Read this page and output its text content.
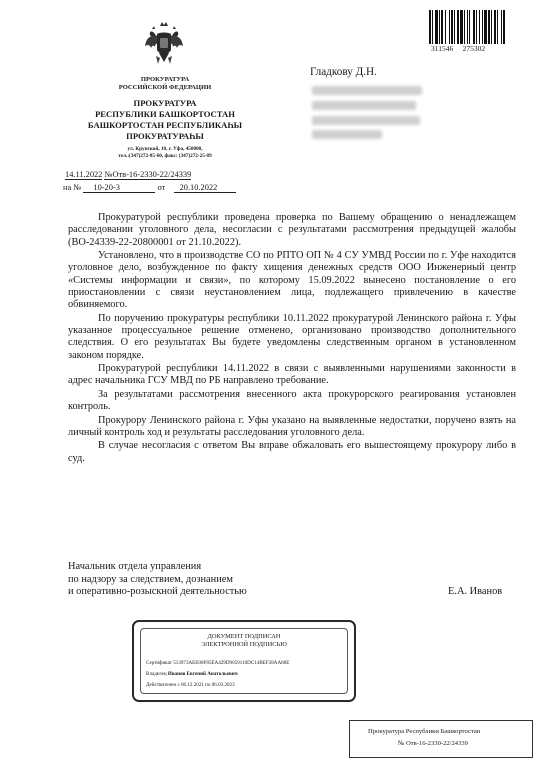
311546 275302
ПРОКУРАТУРА
РОССИЙСКОЙ ФЕДЕРАЦИИ
ПРОКУРАТУРА
РЕСПУБЛИКИ БАШКОРТОСТАН
БАШКОРТОСТАН РЕСПУБЛИКАҺЫ
ПРОКУРАТУРАҺЫ
ул. Крупской, 10, г. Уфа, 450008,
тел.:(347)272-85-60, факс: (347)272-25-89
14.11.2022 №Отв-16-2330-22/24339
на № 10-20-3	от 20.10.2022
Гладкову Д.Н.

Прокуратурой республики проведена проверка по Вашему обращению о ненадлежащем расследовании уголовного дела, несогласии с результатами рассмотрения предыдущей жалобы (ВО-24339-22-20800001 от 21.10.2022).

Установлено, что в производстве СО по РПТО ОП № 4 СУ УМВД России по г. Уфе находится уголовное дело, возбужденное по факту хищения денежных средств ООО Инженерный центр «Системы информации и связи», по которому 15.09.2022 вынесено постановление о его приостановлении с связи неустановлением лица, подлежащего привлечению в качестве обвиняемого.

По поручению прокуратуры республики 10.11.2022 прокуратурой Ленинского района г. Уфы указанное процессуальное решение отменено, организовано производство дополнительного следствия. О его результатах Вы будете уведомлены следственным органом в установленном законом порядке.

Прокуратурой республики 14.11.2022 в связи с выявленными нарушениями законности в адрес начальника ГСУ МВД по РБ направлено требование.

За результатами рассмотрения внесенного акта прокурорского реагирования установлен контроль.

Прокурору Ленинского района г. Уфы указано на выявленные недостатки, поручено взять на личный контроль ход и результаты расследования уголовного дела.

В случае несогласия с ответом Вы вправе обжаловать его вышестоящему прокурору либо в суд.

Начальник отдела управления
по надзору за следствием, дознанием
и оперативно-розыскной деятельностью	Е.А. Иванов
ДОКУМЕНТ ПОДПИСАН
ЭЛЕКТРОННОЙ ПОДПИСЬЮ
Сертификат 513973AEE08F85EA429D9059110DC14BEF38AA68E
Владелец Иванов Евгений Анатольевич
Действителен с 06.12.2021 по 06.03.2023
Прокуратура Республики Башкортостан
№ Отв-16-2330-22/24339
